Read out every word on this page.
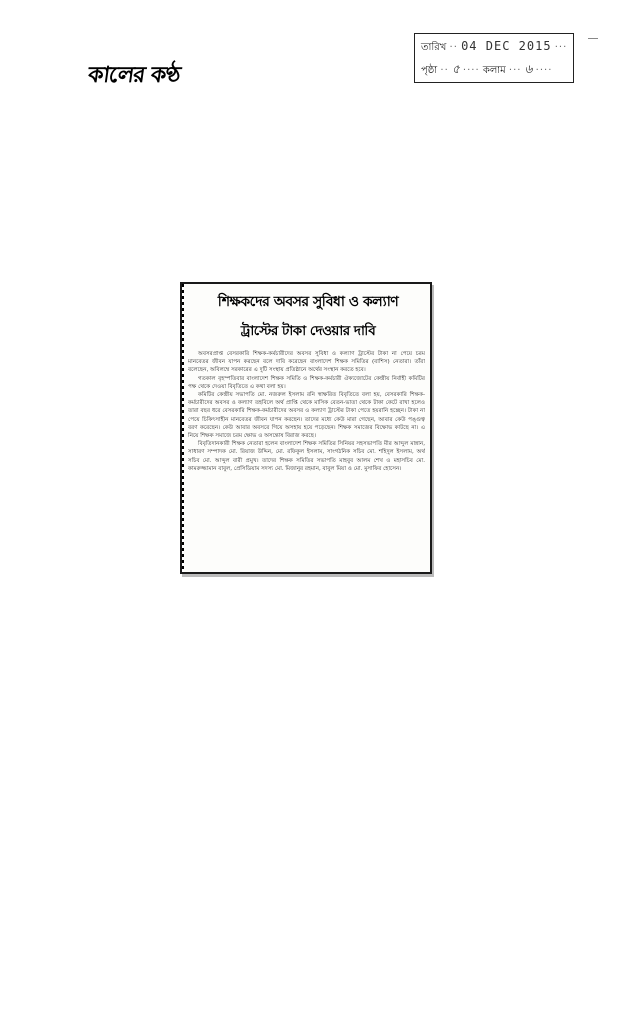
কালের কণ্ঠ
তারিখ ·· 04 DEC 2015 ···
পৃষ্ঠা ·· ৫ ···· কলাম ··· ৬ ····
শিক্ষকদের অবসর সুবিধা ও কল্যাণ
ট্রাস্টের টাকা দেওয়ার দাবি

অবসরপ্রাপ্ত বেসরকারি শিক্ষক-কর্মচারীদের অবসর সুবিধা ও কল্যাণ ট্রাস্টের টাকা না পেয়ে চরম মানবেতর জীবন যাপন করছেন বলে দাবি করেছেন বাংলাদেশ শিক্ষক সমিতির (বাশিস) নেতারা। তাঁরা বলেছেন, অবিলম্বে সরকারের এ দুটি সংস্থায় প্রতিষ্ঠানে অর্থের সংস্থান করতে হবে।

গতকাল বৃহস্পতিবার বাংলাদেশ শিক্ষক সমিতি ও শিক্ষক-কর্মচারী ঐক্যজোটের কেন্দ্রীয় নির্বাহী কমিটির পক্ষ থেকে দেওয়া বিবৃতিতে এ কথা বলা হয়।

কমিটির কেন্দ্রীয় সভাপতি মো. নজরুল ইসলাম রনি স্বাক্ষরিত বিবৃতিতে বলা হয়, বেসরকারি শিক্ষক-কর্মচারীদের অবসর ও কল্যাণ তহবিলে অর্থ প্রাপ্তি থেকে মাসিক বেতন-ভাতা থেকে টাকা কেটে রাখা হলেও তারা বছর ধরে বেসরকারি শিক্ষক-কর্মচারীদের অবসর ও কল্যাণ ট্রাস্টের টাকা পেতে হয়রানি হচ্ছেন। টাকা না পেয়ে চিকিৎসাহীন মানবেতর জীবন যাপন করছেন। তাদের মধ্যে কেউ মারা গেছেন, আবার কেউ পঙ্গুত্ব বরণ করেছেন। কেউ আবার অবসরে গিয়ে অসহায় হয়ে পড়েছেন। শিক্ষক সমাজের বিক্ষোভ কাটছে না। এ নিয়ে শিক্ষক সমাজে চরম ক্ষোভ ও অসন্তোষ বিরাজ করছে।

বিবৃতিদানকারী শিক্ষক নেতারা হলেন বাংলাদেশ শিক্ষক সমিতির সিনিয়র সহসভাপতি মীর আব্দুল মান্নান, সাধারণ সম্পাদক মো. রিয়াজ উদ্দিন, মো. রফিকুল ইসলাম, সাংগঠনিক সচিব মো. শহিদুল ইসলাম, অর্থ সচিব মো. আব্দুল বারী প্রমুখ। তাদের শিক্ষক সমিতির সভাপতি মাহবুব আলম শেখ ও মহাসচিব মো. কামরুজ্জামান বাবুল, প্রেসিডিয়াম সদস্য মো. মিজানুর রহমান, বাবুল মিয়া ও মো. মুসাফির হোসেন।
